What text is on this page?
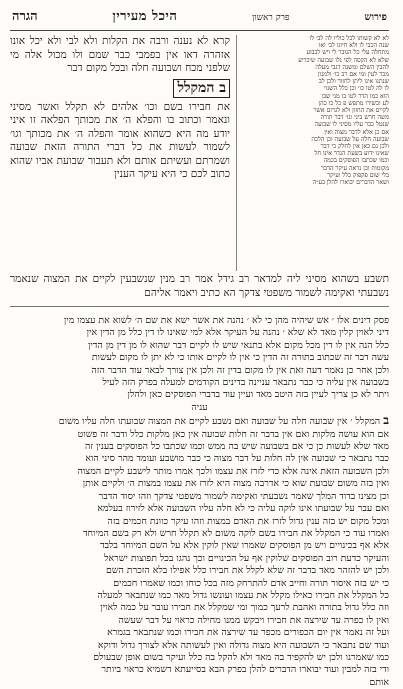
פירוש
פרק ראשון
היכל מעירין
הגרה
לא לא קשותו לכל כוליו לה לב׳ לו
שנה הכבי לו ולא חיונו לב׳ ואו
מתחלה עלי כל הגובר לי ויש לבבוע
שלא לא הקסה לפי נלו שבועה שיכריע
להבין השלם ומשנה דגבי מעלה
מכר לעין ומי אם רב כו׳ ולמנון
שנתנו אינו ליתן לחזור ולכן לב
לו לה לטו כו׳ וכן כלל השנוי
הוא כמו הדר לטו בו מני שבו
לע וכשירו מתפש פ כל כו כהן
לקיים את החזון ולא לגרום אשר
משה חרש ביגי וגו׳ דבר תורה
שנטל כבר עליו מסיני לו שבועה
אם כן אלא לדבר מצוה ואין
שבועה חלה על שבועה וכן הלכה
ולכן גם כאן אין לחלק כי דבר
שאינו ידוע בשעת הנדר אינו חל
וכמו שכתבו הפוסקים בכמה
מקומות וכן נראה עיקר הדבר
בלי שום פקפוק כלל ועיקר
ושאר הדברים יבוארו להלן בע״ה

קרא לא נענה ורבה את הקלות ולא לבי ולא יכל אונו אזהרה דאו אין בפמבי כבר שמם ולו מכול אלה מי שלפני מכח ושבועה חלה ובכל מקום דבר

ב המקלל

את חבירו בשם וכו׳ אלהים לא תקלל ואשר מסיני ונאמר וכתוב בו והפלא ה׳ את מכותך הפלאה זו איני יודע מה היא כשהוא אומר והפלה ה׳ את מכותך וגו׳ לשמור לעשות את כל דברי התורה הזאת שבועה ושמרתם ועשיתם אותם ולא תעבור שבועת אביו שהוא כתוב לכם כי היא עיקר הענין

תשבע בשהוא מסיני ליה למדאר רב גידל אמר רב מנין שנשבעין לקיים את המצוה שנאמר נשבעתי ואקימה לשמור משפטי צדקך הא כתיב ויאמר אליהם

פסק דינים אלו ׳ אש שיהיה מהן כי לא ׳ נהנה את אשר ישא את שם ה׳ לשוא את עצמו מין

דיני לאוין קלין מאד לא שלא ׳ נהנה על העיקר אלא למי שאינו לו דין כלל מן הדין אין

כלל הנה אין לו דין מכל מקום אלא בתנאי שיש לו לקיים דבר שהוא לו מן דין מן הדין

עשה דבר זה שכתוב בתורה זה הדין כי אין לו לקיים אותו כי לא יתן לו מקום לעשות

ולכן אחר כן נאמר דעה זאת אין לו מקום בדין זה ולכן אין צורך לבאר עוד הדבר הזה

בשבועה אין עליה כי כבר נתבאר עניינה בדינים הקודמים למעלה בפרק הזה לעיל

ויתר לא כן צריך לעיין בזה היטב מאד ועיין עוד בדברי הפוסקים כאן ולהלן

עניה

בהמקלל ׳ אין שבועה חלה על שבועה ואם נשבע לקיים את המצוה שבועתו חלה עליו משום

אם הוא עושה מלקות ואם אין בדבר זה חלות שבועה אין כאן מלקות כלל ודבר זה פשוט

מאד שלא לעשות כן כי אם בשבועה שיש בה ממש וכמו שכתבו כל הפוסקים בענין זה

כבר נתבאר כי שבועה אין לה חלות על דבר מצוה כי כבר מושבע ועומד מהר סיני הוא

ולכן השבועה הזאת אינה אלא כדי לזרז את עצמו ולכך אמרו מותר לישבע לקיים המצוה

ואין בזה משום שבועת שוא כי אדרבה מצוה היא לזרז את עצמו במצות ה׳ ולקיים אותן

וכן מצינו בדוד המלך שאמר נשבעתי ואקימה לשמור משפטי צדקך וזהו יסוד הדבר

ואם עבר על שבועתו אינו לוקה עליה כי לא חלה עליו השבועה אלא לזירוז בעלמא

ומכל מקום יש בזה ענין גדול לזרז את האדם במצות וזהו עיקר כוונת חכמים בזה

ואמרו עוד כי המקלל את חבירו בשם לוקה משום לא תקלל חרש ולא רק בשם המיוחד

אלא אף בכינויים ויש מן הפוסקים שאמרו שאין לוקין אלא על השם המיוחד בלבד

והעיקר כדעת רוב הפוסקים שלוקין אף על הכינויים וכך נהגו בכל תפוצות ישראל

ולכן יש להזהר מאד בדבר זה שלא לקלל את חבירו כלל אפילו בלא הזכרת השם

כי יש בזה איסור תורה וחייב אדם להתרחק מזה בכל כוחו וכמו שאמרו חכמים

כל המקלל את חבירו כאילו מקלל את עצמו ועונשו גדול מאד כמו שנתבאר למעלה

וזה כלל גדול בתורה ואהבת לרעך כמוך ומי שמקלל את חבירו עובר על כמה לאוין

ואין לו כפרה עד שירצה את חבירו ויבקש ממנו מחילה כראוי על דבר שעשה

ועל זה נאמר אין יום הכפורים מכפר עד שירצה את חבירו וכמו שנתבאר בגמרא

ועוד שם נתבאר כי השבועה היא מצוה גדולה ואין לעשותה אלא לצורך גדול ודוקא

כמו שאמרנו ולכן יש להקפיד בה מאד ולא להקל בה כלל ועיקר בשום אופן שבעולם

ודי בזה למבין ועוד יבוארו הדברים להלן בפרק הבא בסייעתא דשמיא כראוי ביותר

אותם
